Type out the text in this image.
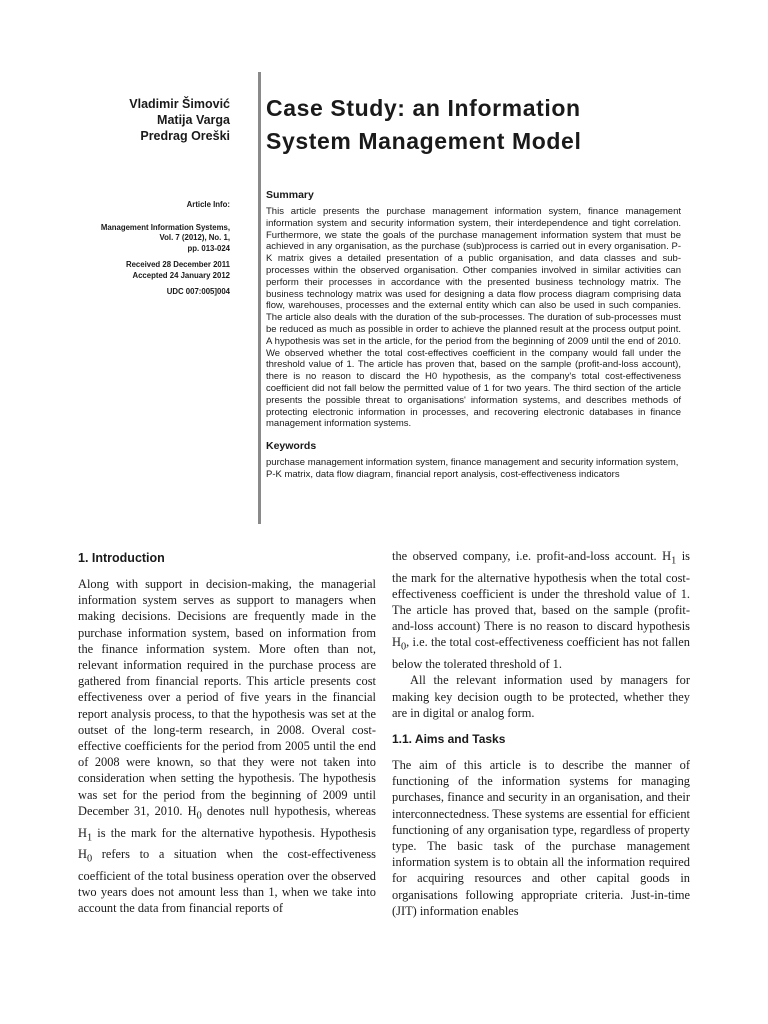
Vladimir Šimović
Matija Varga
Predrag Oreški
Case Study: an Information
System Management Model
Article Info:
Management Information Systems,
Vol. 7 (2012), No. 1,
pp. 013-024
Received 28 December 2011
Accepted 24 January 2012
UDC 007:005]004
Summary

This article presents the purchase management information system, finance management information system and security information system, their interdependence and tight correlation. Furthermore, we state the goals of the purchase management information system that must be achieved in any organisation, as the purchase (sub)process is carried out in every organisation. P-K matrix gives a detailed presentation of a public organisation, and data classes and sub-processes within the observed organisation. Other companies involved in similar activities can perform their processes in accordance with the presented business technology matrix. The business technology matrix was used for designing a data flow process diagram comprising data flow, warehouses, processes and the external entity which can also be used in such companies. The article also deals with the duration of the sub-processes. The duration of sub-processes must be reduced as much as possible in order to achieve the planned result at the process output point. A hypothesis was set in the article, for the period from the beginning of 2009 until the end of 2010. We observed whether the total cost-effectives coefficient in the company would fall under the threshold value of 1. The article has proven that, based on the sample (profit-and-loss account), there is no reason to discard the H0 hypothesis, as the company's total cost-effectiveness coefficient did not fall below the permitted value of 1 for two years. The third section of the article presents the possible threat to organisations' information systems, and describes methods of protecting electronic information in processes, and recovering electronic databases in finance management information systems.

Keywords

purchase management information system, finance management and security information system, P-K matrix, data flow diagram, financial report analysis, cost-effectiveness indicators

1. Introduction

Along with support in decision-making, the managerial information system serves as support to managers when making decisions. Decisions are frequently made in the purchase information system, based on information from the finance information system. More often than not, relevant information required in the purchase process are gathered from financial reports. This article presents cost effectiveness over a period of five years in the financial report analysis process, to that the hypothesis was set at the outset of the long-term research, in 2008. Overal cost-effective coefficients for the period from 2005 until the end of 2008 were known, so that they were not taken into consideration when setting the hypothesis. The hypothesis was set for the period from the beginning of 2009 until December 31, 2010. $H_0$ denotes null hypothesis, whereas $H_1$ is the mark for the alternative hypothesis. Hypothesis $H_0$ refers to a situation when the cost-effectiveness coefficient of the total business operation over the observed two years does not amount less than 1, when we take into account the data from financial reports of

the observed company, i.e. profit-and-loss account. $H_1$ is the mark for the alternative hypothesis when the total cost-effectiveness coefficient is under the threshold value of 1. The article has proved that, based on the sample (profit-and-loss account) There is no reason to discard hypothesis $H_0$, i.e. the total cost-effectiveness coefficient has not fallen below the tolerated threshold of 1.

All the relevant information used by managers for making key decision ougth to be protected, whether they are in digital or analog form.

1.1. Aims and Tasks

The aim of this article is to describe the manner of functioning of the information systems for managing purchases, finance and security in an organisation, and their interconnectedness. These systems are essential for efficient functioning of any organisation type, regardless of property type. The basic task of the purchase management information system is to obtain all the information required for acquiring resources and other capital goods in organisations following appropriate criteria. Just-in-time (JIT) information enables
